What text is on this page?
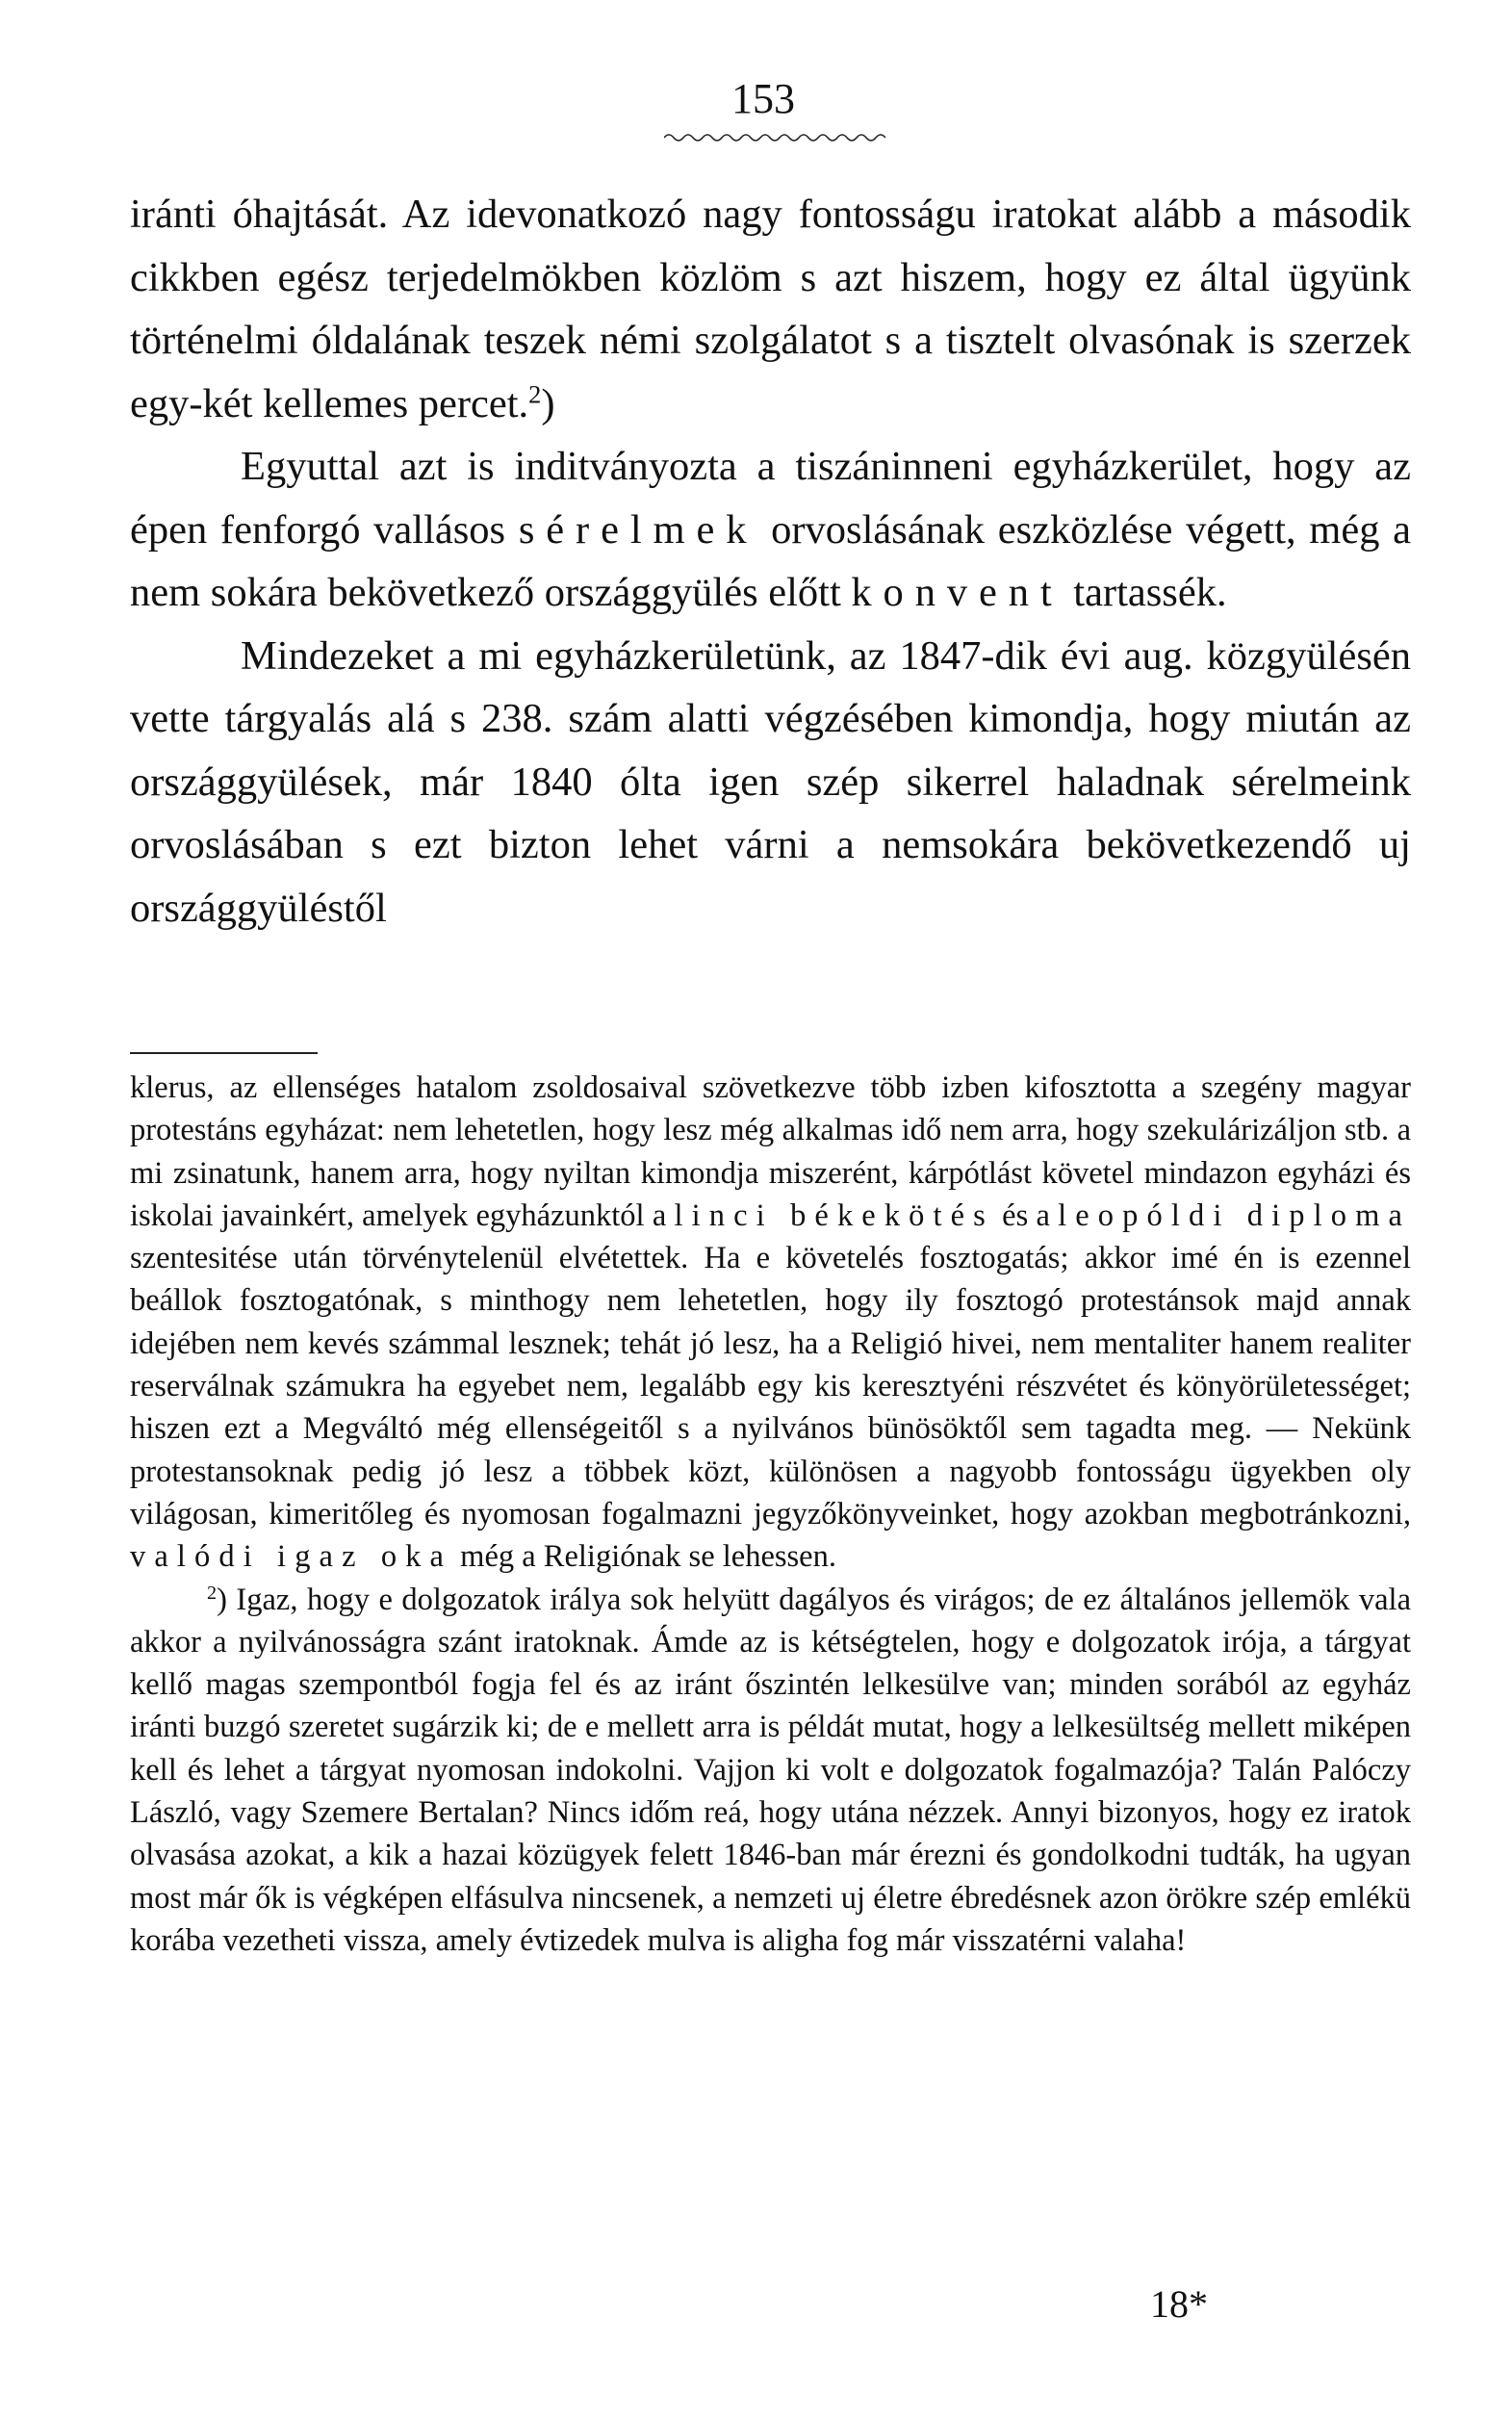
153

iránti óhajtását. Az idevonatkozó nagy fontosságu iratokat alább a második cikkben egész terjedelmökben közlöm s azt hiszem, hogy ez által ügyünk történelmi óldalának teszek némi szolgálatot s a tisztelt olvasónak is szerzek egy-két kellemes percet.$^2$)

Egyuttal azt is inditványozta a tiszáninneni egyházkerület, hogy az épen fenforgó vallásos sérelmek orvoslásának eszközlése végett, még a nem sokára bekövetkező országgyülés előtt konvent tartassék.

Mindezeket a mi egyházkerületünk, az 1847-dik évi aug. közgyülésén vette tárgyalás alá s 238. szám alatti végzésében kimondja, hogy miután az országgyülések, már 1840 ólta igen szép sikerrel haladnak sérelmeink orvoslásában s ezt bizton lehet várni a nemsokára bekövetkezendő uj országgyüléstől

klerus, az ellenséges hatalom zsoldosaival szövetkezve több izben kifosztotta a szegény magyar protestáns egyházat: nem lehetetlen, hogy lesz még alkalmas idő nem arra, hogy szekulárizáljon stb. a mi zsinatunk, hanem arra, hogy nyiltan kimondja miszerént, kárpótlást követel mindazon egyházi és iskolai javainkért, amelyek egyházunktól a linci békekötés és a leopóldi diploma szentesitése után törvénytelenül elvétettek. Ha e követelés fosztogatás; akkor imé én is ezennel beállok fosztogatónak, s minthogy nem lehetetlen, hogy ily fosztogó protestánsok majd annak idejében nem kevés számmal lesznek; tehát jó lesz, ha a Religió hivei, nem mentaliter hanem realiter reserválnak számukra ha egyebet nem, legalább egy kis keresztyéni részvétet és könyörületességet; hiszen ezt a Megváltó még ellenségeitől s a nyilvános bünösöktől sem tagadta meg. — Nekünk protestansoknak pedig jó lesz a többek közt, különösen a nagyobb fontosságu ügyekben oly világosan, kimeritőleg és nyomosan fogalmazni jegyzőkönyveinket, hogy azokban megbotránkozni, valódi igaz oka még a Religiónak se lehessen.

$^2$) Igaz, hogy e dolgozatok irálya sok helyütt dagályos és virágos; de ez általános jellemök vala akkor a nyilvánosságra szánt iratoknak. Ámde az is kétségtelen, hogy e dolgozatok irója, a tárgyat kellő magas szempontból fogja fel és az iránt őszintén lelkesülve van; minden sorából az egyház iránti buzgó szeretet sugárzik ki; de e mellett arra is példát mutat, hogy a lelkesültség mellett miképen kell és lehet a tárgyat nyomosan indokolni. Vajjon ki volt e dolgozatok fogalmazója? Talán Palóczy László, vagy Szemere Bertalan? Nincs időm reá, hogy utána nézzek. Annyi bizonyos, hogy ez iratok olvasása azokat, a kik a hazai közügyek felett 1846-ban már érezni és gondolkodni tudták, ha ugyan most már ők is végképen elfásulva nincsenek, a nemzeti uj életre ébredésnek azon örökre szép emlékü korába vezetheti vissza, amely évtizedek mulva is aligha fog már visszatérni valaha!

18*
